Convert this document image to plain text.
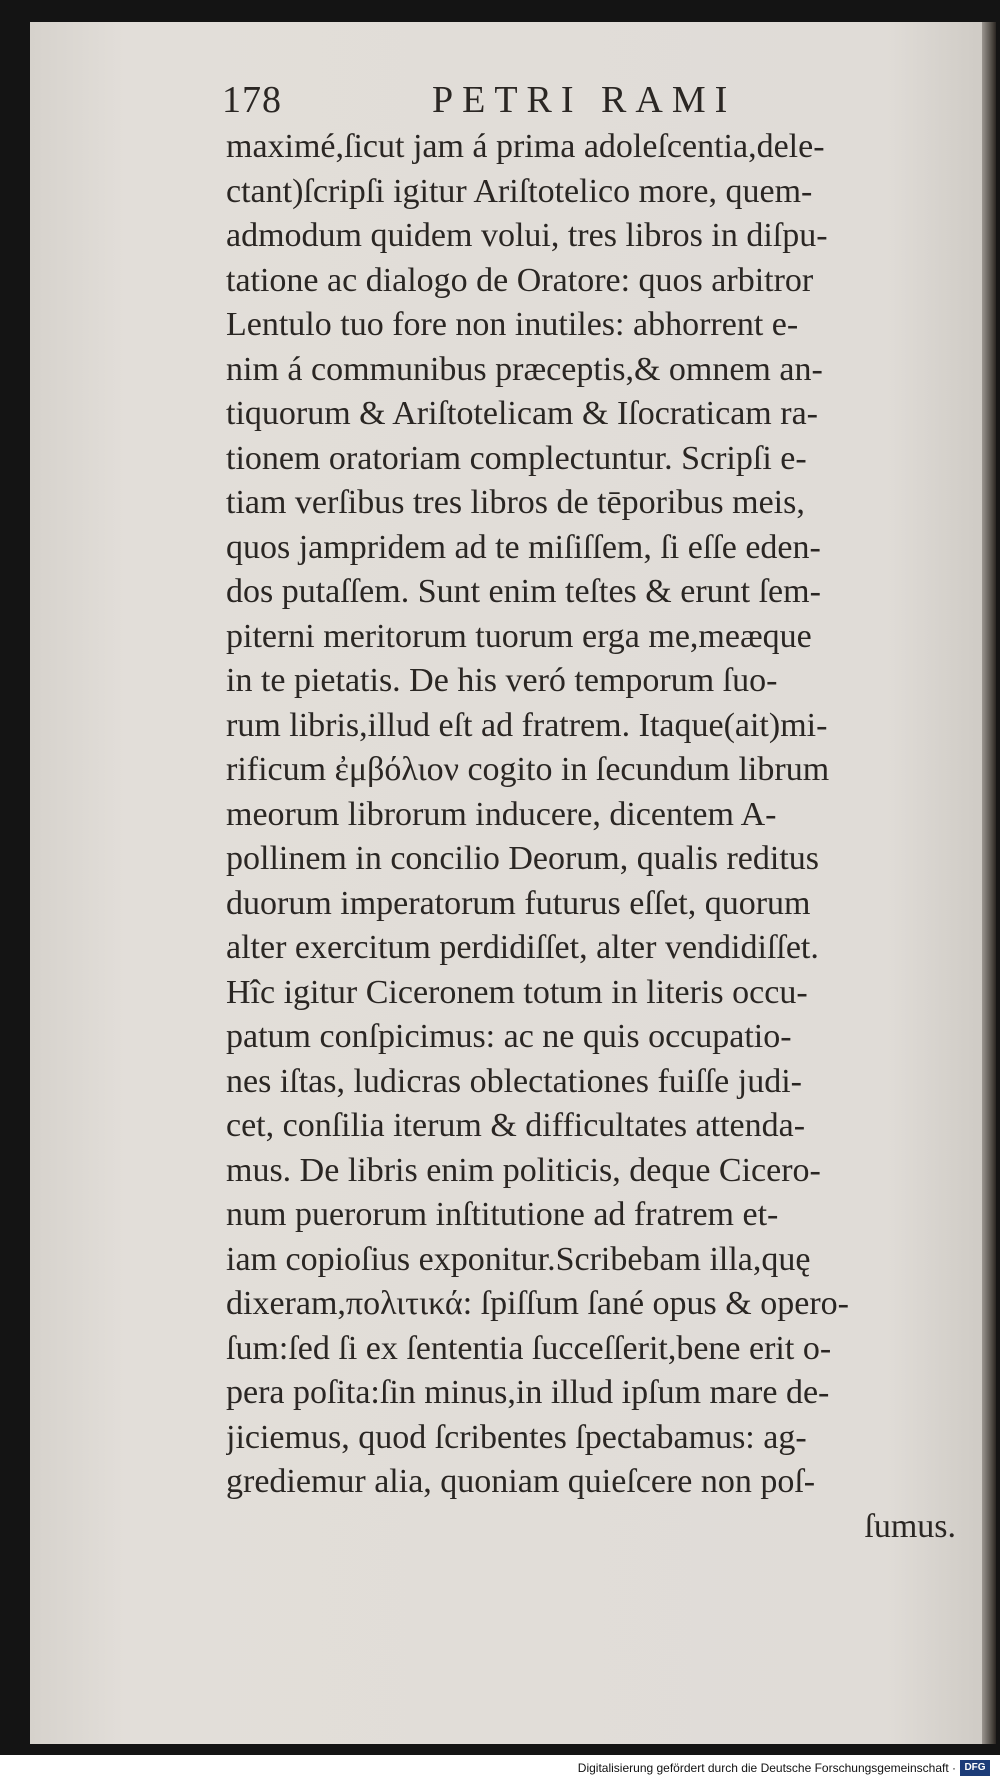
178	PETRI RAMI
maximé,ſicut jam á prima adoleſcentia,dele-
ctant)ſcripſi igitur Ariſtotelico more, quem-
admodum quidem volui, tres libros in diſpu-
tatione ac dialogo de Oratore: quos arbitror
Lentulo tuo fore non inutiles: abhorrent e-
nim á communibus præceptis,& omnem an-
tiquorum & Ariſtotelicam & Iſocraticam ra-
tionem oratoriam complectuntur. Scripſi e-
tiam verſibus tres libros de tēporibus meis,
quos jampridem ad te miſiſſem, ſi eſſe eden-
dos putaſſem. Sunt enim teſtes & erunt ſem-
piterni meritorum tuorum erga me,meæque
in te pietatis. De his veró temporum ſuo-
rum libris,illud eſt ad fratrem. Itaque(ait)mi-
rificum ἐμβόλιον cogito in ſecundum librum
meorum librorum inducere, dicentem A-
pollinem in concilio Deorum, qualis reditus
duorum imperatorum futurus eſſet, quorum
alter exercitum perdidiſſet, alter vendidiſſet.
Hîc igitur Ciceronem totum in literis occu-
patum conſpicimus: ac ne quis occupatio-
nes iſtas, ludicras oblectationes fuiſſe judi-
cet, conſilia iterum & difficultates attenda-
mus. De libris enim politicis, deque Cicero-
num puerorum inſtitutione ad fratrem et-
iam copioſius exponitur.Scribebam illa,quę
dixeram,πολιτικά: ſpiſſum ſané opus & opero-
ſum:ſed ſi ex ſententia ſucceſſerit,bene erit o-
pera poſita:ſin minus,in illud ipſum mare de-
jiciemus, quod ſcribentes ſpectabamus: ag-
grediemur alia, quoniam quieſcere non poſ-
ſumus.
Digitalisierung gefördert durch die Deutsche Forschungsgemeinschaft · DFG
